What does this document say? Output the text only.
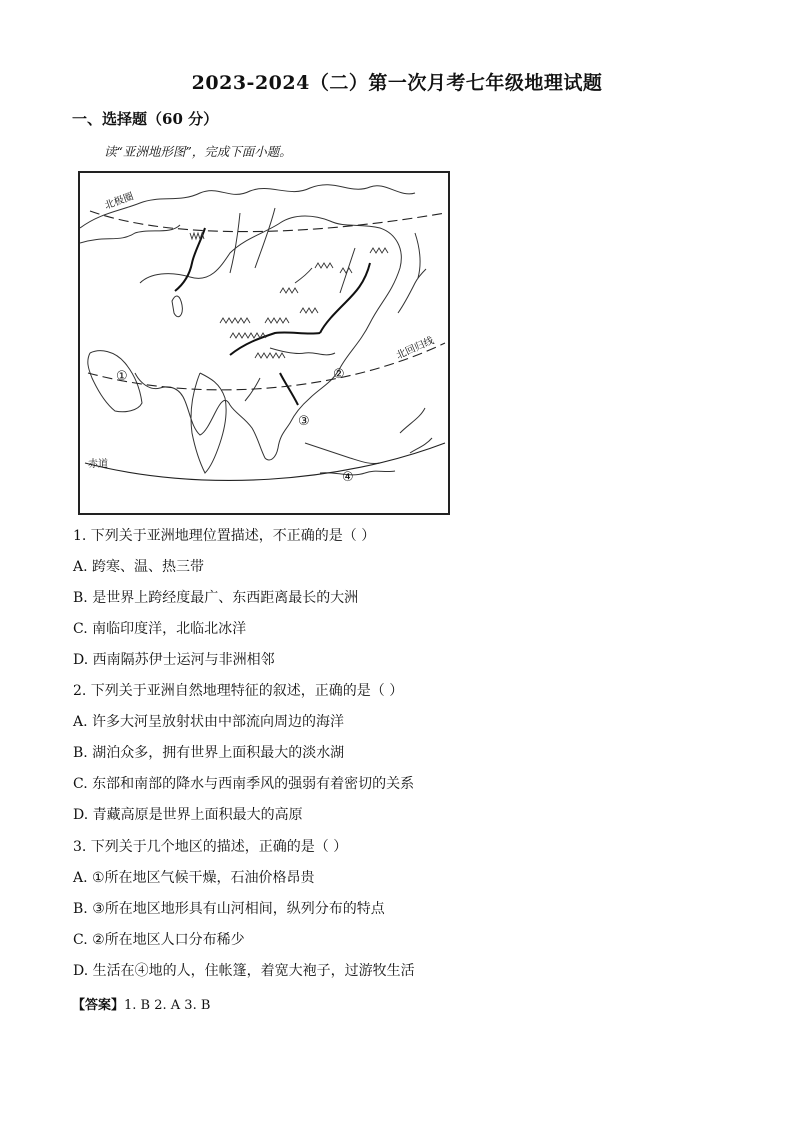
2023-2024（二）第一次月考七年级地理试题
一、选择题（60 分）
读“亚洲地形图”，完成下面小题。
北极圈
北回归线
赤道
①	②
③
④
1. 下列关于亚洲地理位置描述，不正确的是（ ）
A. 跨寒、温、热三带
B. 是世界上跨经度最广、东西距离最长的大洲
C. 南临印度洋，北临北冰洋
D. 西南隔苏伊士运河与非洲相邻
2. 下列关于亚洲自然地理特征的叙述，正确的是（ ）
A. 许多大河呈放射状由中部流向周边的海洋
B. 湖泊众多，拥有世界上面积最大的淡水湖
C. 东部和南部的降水与西南季风的强弱有着密切的关系
D. 青藏高原是世界上面积最大的高原
3. 下列关于几个地区的描述，正确的是（ ）
A. ①所在地区气候干燥，石油价格昂贵
B. ③所在地区地形具有山河相间，纵列分布的特点
C. ②所在地区人口分布稀少
D. 生活在④地的人，住帐篷，着宽大袍子，过游牧生活
【答案】1. B 2. A 3. B
